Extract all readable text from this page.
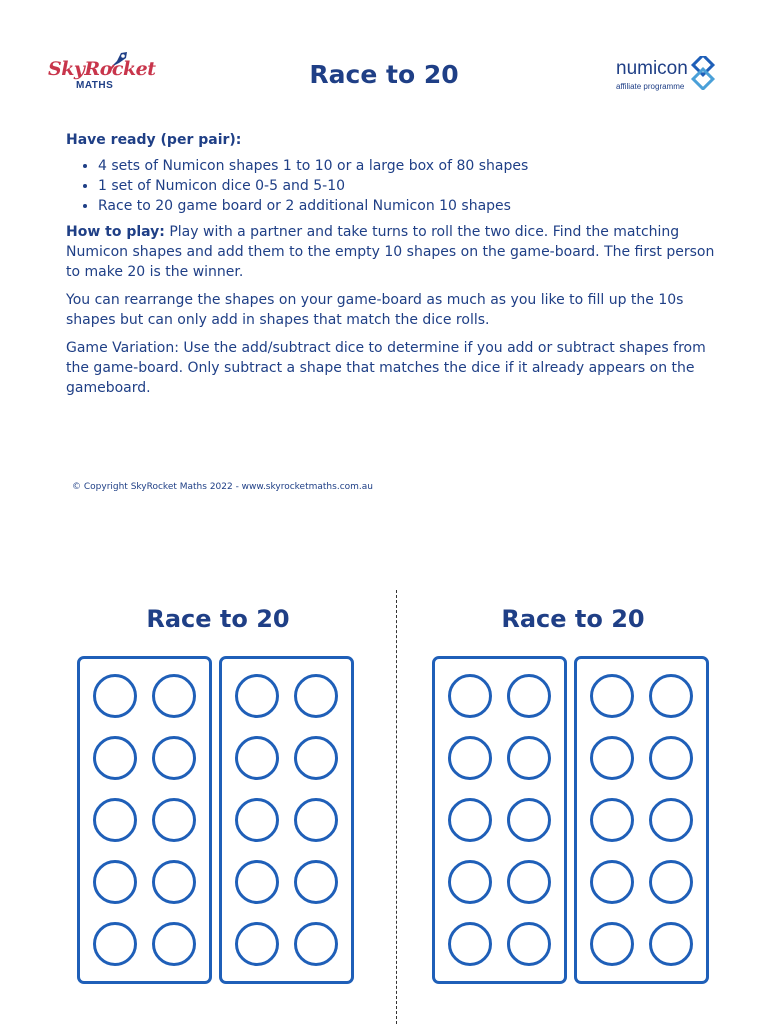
SkyRocket
MATHS	Race to 20	numicon
affiliate programme

Have ready (per pair):

• 4 sets of Numicon shapes 1 to 10 or a large box of 80 shapes
• 1 set of Numicon dice 0-5 and 5-10
• Race to 20 game board or 2 additional Numicon 10 shapes

How to play: Play with a partner and take turns to roll the two dice. Find the matching Numicon shapes and add them to the empty 10 shapes on the game-board. The first person to make 20 is the winner.

You can rearrange the shapes on your game-board as much as you like to fill up the 10s shapes but can only add in shapes that match the dice rolls.

Game Variation: Use the add/subtract dice to determine if you add or subtract shapes from the game-board. Only subtract a shape that matches the dice if it already appears on the gameboard.

© Copyright SkyRocket Maths 2022 - www.skyrocketmaths.com.au
Race to 20	Race to 20
